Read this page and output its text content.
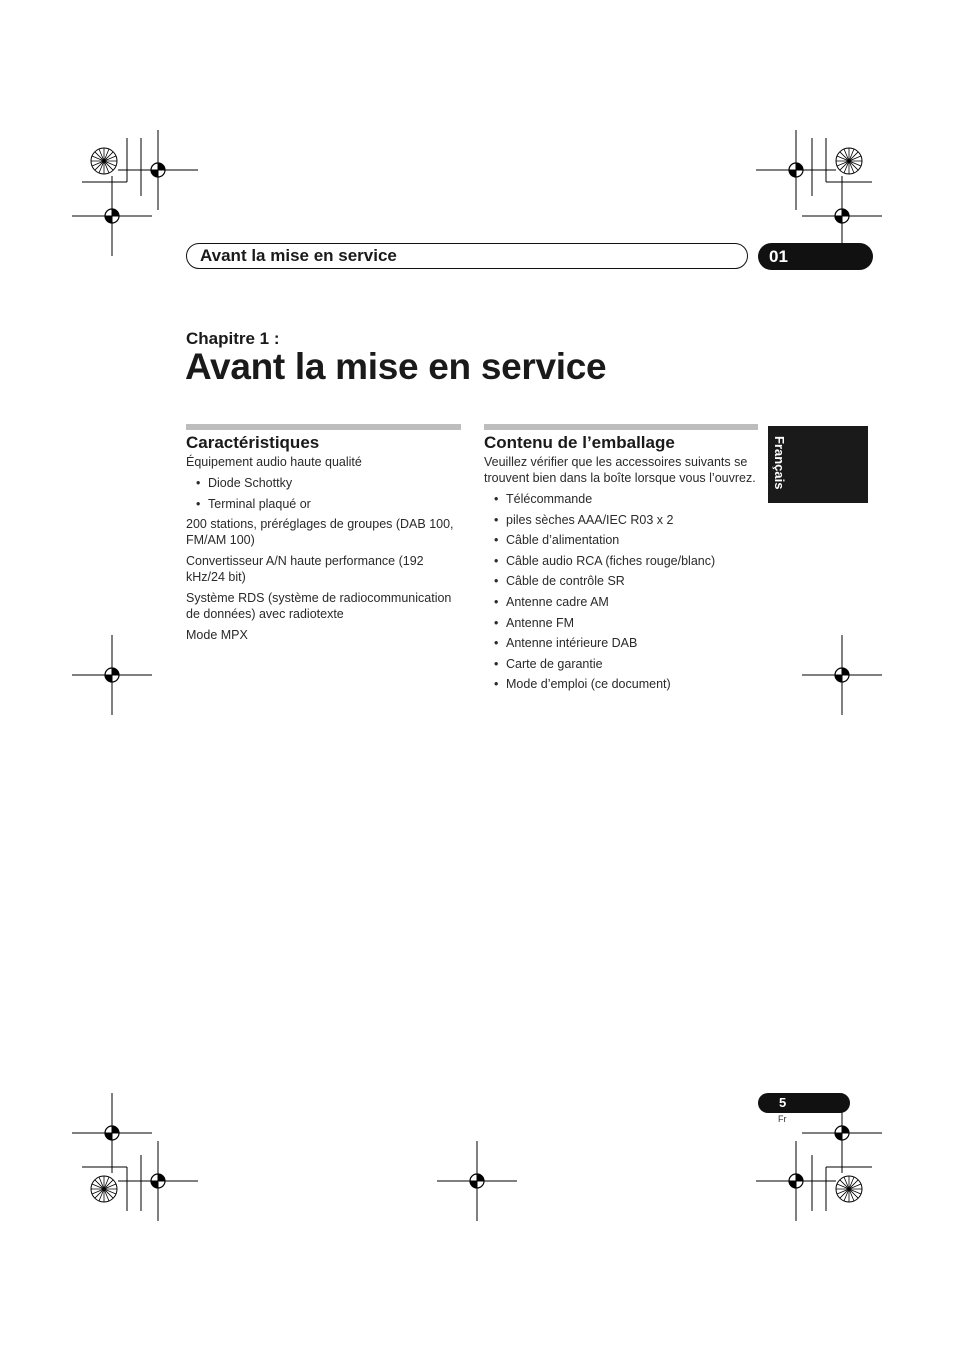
Avant la mise en service	01
Chapitre 1 :
Avant la mise en service
Caractéristiques
Équipement audio haute qualité
• Diode Schottky
• Terminal plaqué or
200 stations, préréglages de groupes (DAB 100, FM/AM 100)
Convertisseur A/N haute performance (192 kHz/24 bit)
Système RDS (système de radiocommunication de données) avec radiotexte
Mode MPX
Contenu de l’emballage
Veuillez vérifier que les accessoires suivants se trouvent bien dans la boîte lorsque vous l’ouvrez.
• Télécommande
• piles sèches AAA/IEC R03 x 2
• Câble d’alimentation
• Câble audio RCA (fiches rouge/blanc)
• Câble de contrôle SR
• Antenne cadre AM
• Antenne FM
• Antenne intérieure DAB
• Carte de garantie
• Mode d’emploi (ce document)
Français
5
Fr
